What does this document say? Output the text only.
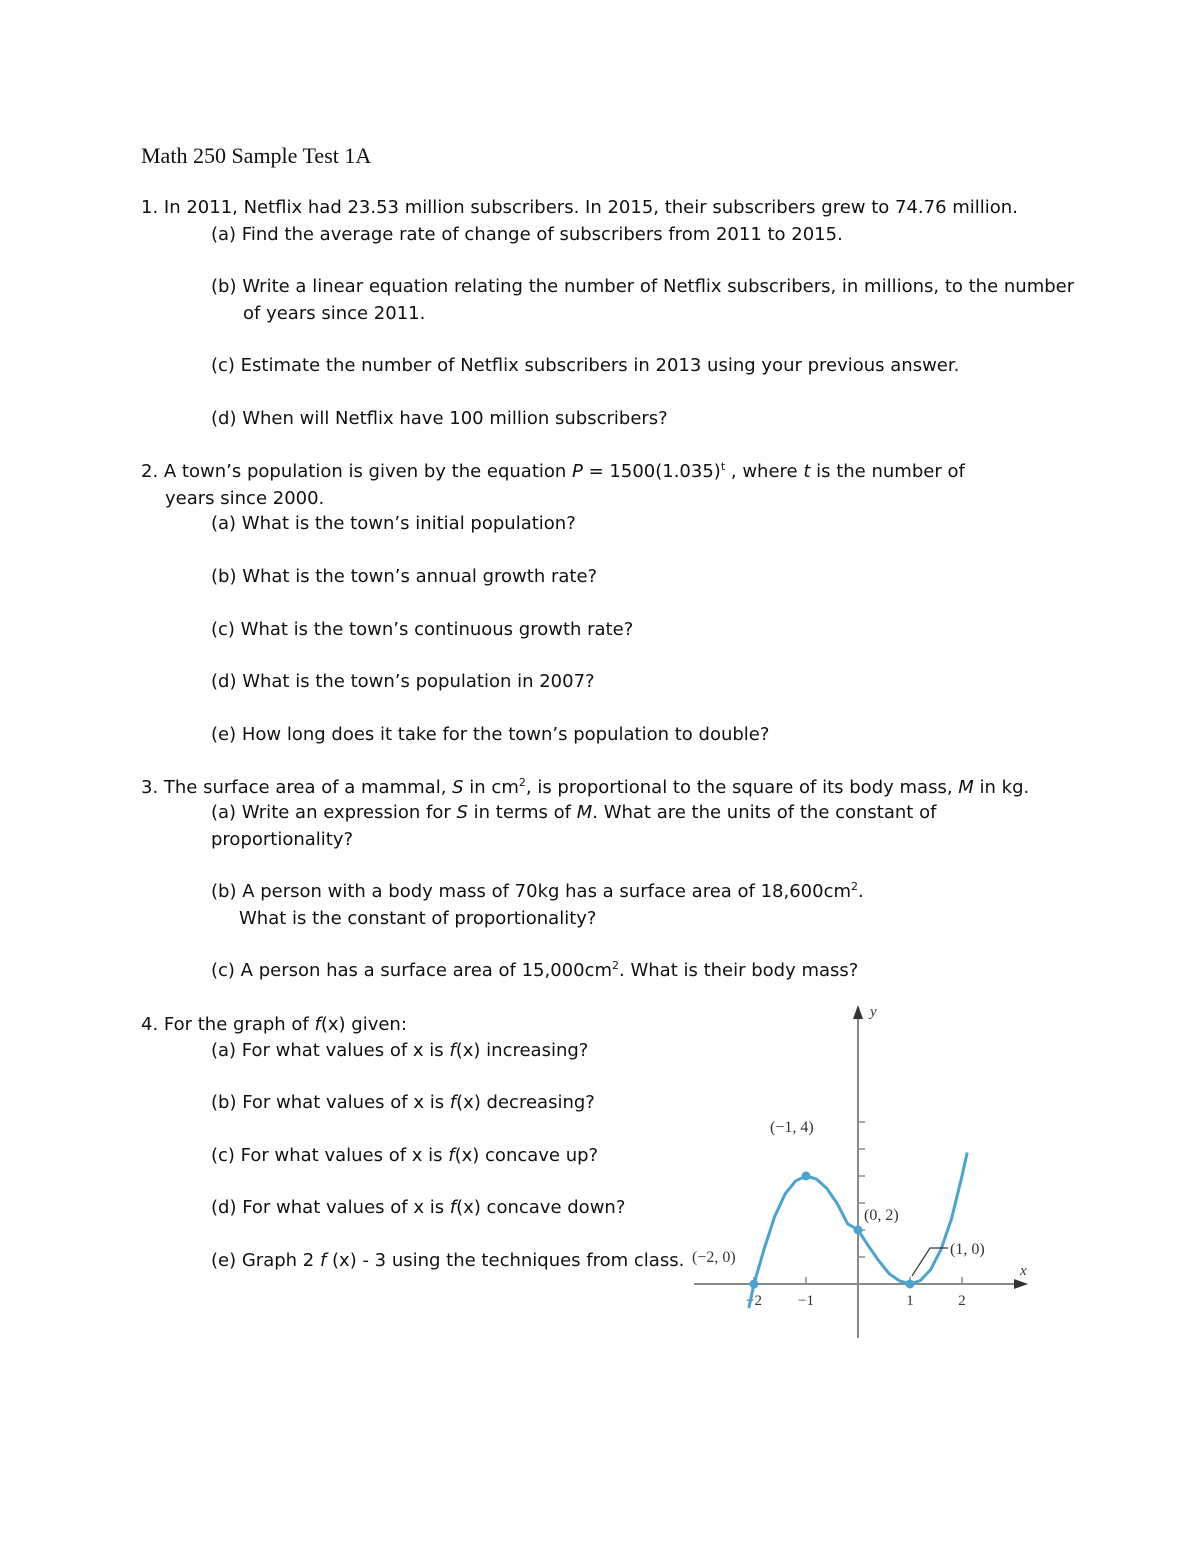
Math 250 Sample Test 1A
1. In 2011, Netflix had 23.53 million subscribers. In 2015, their subscribers grew to 74.76 million.
(a) Find the average rate of change of subscribers from 2011 to 2015.
(b) Write a linear equation relating the number of Netflix subscribers, in millions, to the number
of years since 2011.
(c) Estimate the number of Netflix subscribers in 2013 using your previous answer.
(d) When will Netflix have 100 million subscribers?
2. A town’s population is given by the equation $P = 1500(1.035)^t$ , where t is the number of
years since 2000.
(a) What is the town’s initial population?
(b) What is the town’s annual growth rate?
(c) What is the town’s continuous growth rate?
(d) What is the town’s population in 2007?
(e) How long does it take for the town’s population to double?
3. The surface area of a mammal, S in $cm^2$, is proportional to the square of its body mass, M in kg.
(a) Write an expression for S in terms of M. What are the units of the constant of
proportionality?
(b) A person with a body mass of 70kg has a surface area of $18,600cm^2$.
What is the constant of proportionality?
(c) A person has a surface area of $15,000cm^2$. What is their body mass?
4. For the graph of f(x) given:
(a) For what values of x is f(x) increasing?
(b) For what values of x is f(x) decreasing?
(c) For what values of x is f(x) concave up?
(d) For what values of x is f(x) concave down?
(e) Graph 2 f (x) - 3 using the techniques from class.
−2 −1	1	2
(−2, 0)
(−1, 4)
(0, 2)
(1, 0)
y
x
